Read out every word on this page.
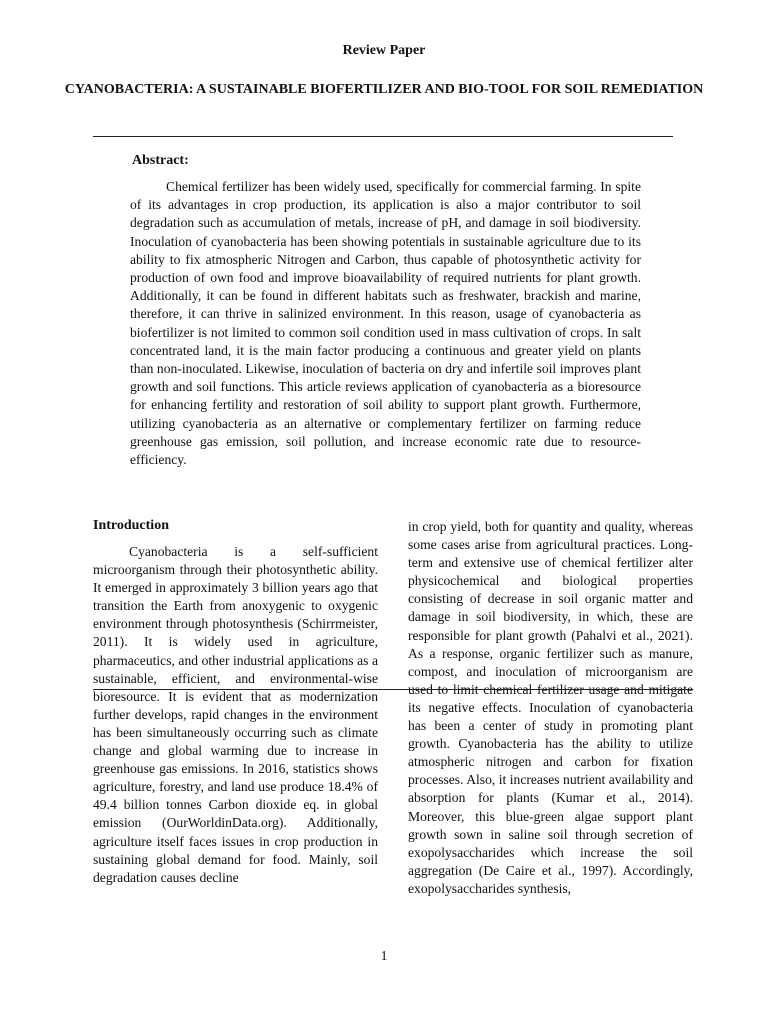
Review Paper
CYANOBACTERIA: A SUSTAINABLE BIOFERTILIZER AND BIO-TOOL FOR SOIL REMEDIATION
Abstract:

Chemical fertilizer has been widely used, specifically for commercial farming. In spite of its advantages in crop production, its application is also a major contributor to soil degradation such as accumulation of metals, increase of pH, and damage in soil biodiversity. Inoculation of cyanobacteria has been showing potentials in sustainable agriculture due to its ability to fix atmospheric Nitrogen and Carbon, thus capable of photosynthetic activity for production of own food and improve bioavailability of required nutrients for plant growth. Additionally, it can be found in different habitats such as freshwater, brackish and marine, therefore, it can thrive in salinized environment. In this reason, usage of cyanobacteria as biofertilizer is not limited to common soil condition used in mass cultivation of crops. In salt concentrated land, it is the main factor producing a continuous and greater yield on plants than non-inoculated. Likewise, inoculation of bacteria on dry and infertile soil improves plant growth and soil functions. This article reviews application of cyanobacteria as a bioresource for enhancing fertility and restoration of soil ability to support plant growth. Furthermore, utilizing cyanobacteria as an alternative or complementary fertilizer on farming reduce greenhouse gas emission, soil pollution, and increase economic rate due to resource-efficiency.

Introduction

Cyanobacteria is a self-sufficient microorganism through their photosynthetic ability. It emerged in approximately 3 billion years ago that transition the Earth from anoxygenic to oxygenic environment through photosynthesis (Schirrmeister, 2011). It is widely used in agriculture, pharmaceutics, and other industrial applications as a sustainable, efficient, and environmental-wise bioresource. It is evident that as modernization further develops, rapid changes in the environment has been simultaneously occurring such as climate change and global warming due to increase in greenhouse gas emissions. In 2016, statistics shows agriculture, forestry, and land use produce 18.4% of 49.4 billion tonnes Carbon dioxide eq. in global emission (OurWorldinData.org). Additionally, agriculture itself faces issues in crop production in sustaining global demand for food. Mainly, soil degradation causes decline

in crop yield, both for quantity and quality, whereas some cases arise from agricultural practices. Long-term and extensive use of chemical fertilizer alter physicochemical and biological properties consisting of decrease in soil organic matter and damage in soil biodiversity, in which, these are responsible for plant growth (Pahalvi et al., 2021). As a response, organic fertilizer such as manure, compost, and inoculation of microorganism are used to limit chemical fertilizer usage and mitigate its negative effects. Inoculation of cyanobacteria has been a center of study in promoting plant growth. Cyanobacteria has the ability to utilize atmospheric nitrogen and carbon for fixation processes. Also, it increases nutrient availability and absorption for plants (Kumar et al., 2014). Moreover, this blue-green algae support plant growth sown in saline soil through secretion of exopolysaccharides which increase the soil aggregation (De Caire et al., 1997). Accordingly, exopolysaccharides synthesis,

1
